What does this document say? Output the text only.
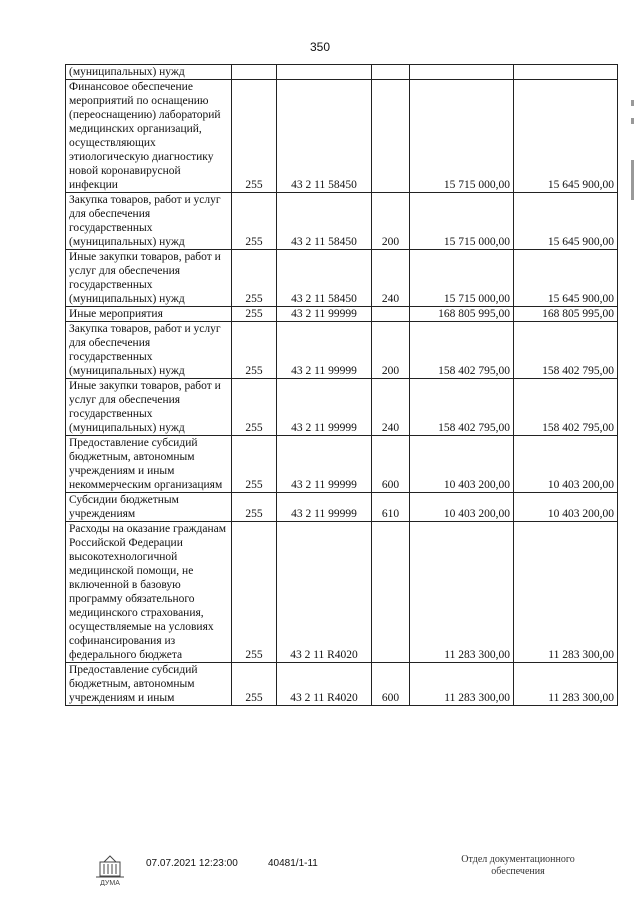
350
(муниципальных) нужд					
Финансовое обеспечение мероприятий по оснащению (переоснащению) лабораторий медицинских организаций, осуществляющих этиологическую диагностику новой коронавирусной инфекции	255	43 2 11 58450		15 715 000,00	15 645 900,00
Закупка товаров, работ и услуг для обеспечения государственных (муниципальных) нужд	255	43 2 11 58450	200	15 715 000,00	15 645 900,00
Иные закупки товаров, работ и услуг для обеспечения государственных (муниципальных) нужд	255	43 2 11 58450	240	15 715 000,00	15 645 900,00
Иные мероприятия	255	43 2 11 99999		168 805 995,00	168 805 995,00
Закупка товаров, работ и услуг для обеспечения государственных (муниципальных) нужд	255	43 2 11 99999	200	158 402 795,00	158 402 795,00
Иные закупки товаров, работ и услуг для обеспечения государственных (муниципальных) нужд	255	43 2 11 99999	240	158 402 795,00	158 402 795,00
Предоставление субсидий бюджетным, автономным учреждениям и иным некоммерческим организациям	255	43 2 11 99999	600	10 403 200,00	10 403 200,00
Субсидии бюджетным учреждениям	255	43 2 11 99999	610	10 403 200,00	10 403 200,00
Расходы на оказание гражданам Российской Федерации высокотехнологичной медицинской помощи, не включенной в базовую программу обязательного медицинского страхования, осуществляемые на условиях софинансирования из федерального бюджета	255	43 2 11 R4020		11 283 300,00	11 283 300,00
Предоставление субсидий бюджетным, автономным учреждениям и иным	255	43 2 11 R4020	600	11 283 300,00	11 283 300,00
ДУМА
07.07.2021 12:23:00	40481/1-11	Отдел документационного
обеспечения
